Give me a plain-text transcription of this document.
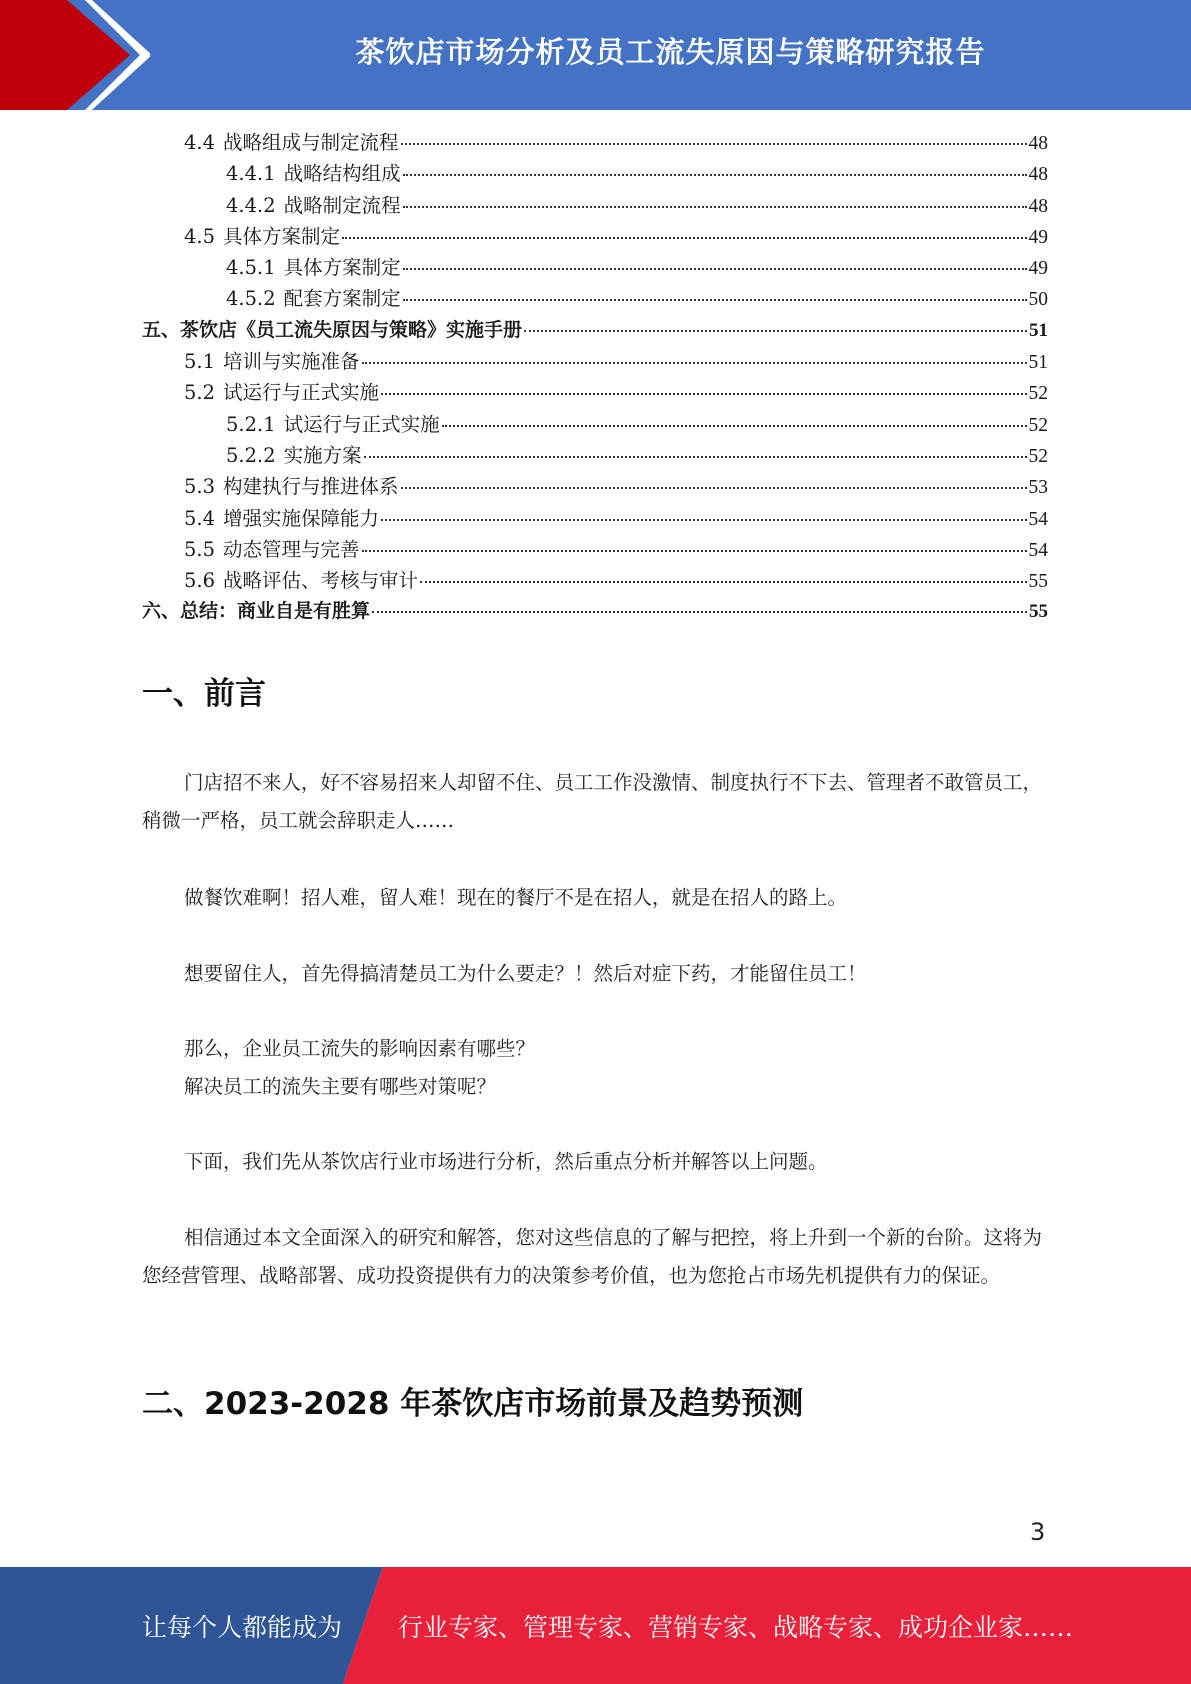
茶饮店市场分析及员工流失原因与策略研究报告
4.4 战略组成与制定流程	48
4.4.1 战略结构组成	48
4.4.2 战略制定流程	48
4.5 具体方案制定	49
4.5.1 具体方案制定	49
4.5.2 配套方案制定	50
五、茶饮店《员工流失原因与策略》实施手册	51
5.1 培训与实施准备	51
5.2 试运行与正式实施	52
5.2.1 试运行与正式实施	52
5.2.2 实施方案	52
5.3 构建执行与推进体系	53
5.4 增强实施保障能力	54
5.5 动态管理与完善	54
5.6 战略评估、考核与审计	55
六、总结：商业自是有胜算	55
一、前言

门店招不来人，好不容易招来人却留不住、员工工作没激情、制度执行不下去、管理者不敢管员工，稍微一严格，员工就会辞职走人……

做餐饮难啊！招人难，留人难！现在的餐厅不是在招人，就是在招人的路上。

想要留住人，首先得搞清楚员工为什么要走？！然后对症下药，才能留住员工！

那么，企业员工流失的影响因素有哪些？

解决员工的流失主要有哪些对策呢？

下面，我们先从茶饮店行业市场进行分析，然后重点分析并解答以上问题。

相信通过本文全面深入的研究和解答，您对这些信息的了解与把控，将上升到一个新的台阶。这将为您经营管理、战略部署、成功投资提供有力的决策参考价值，也为您抢占市场先机提供有力的保证。

二、2023-2028 年茶饮店市场前景及趋势预测
3
让每个人都能成为 行业专家、管理专家、营销专家、战略专家、成功企业家……
